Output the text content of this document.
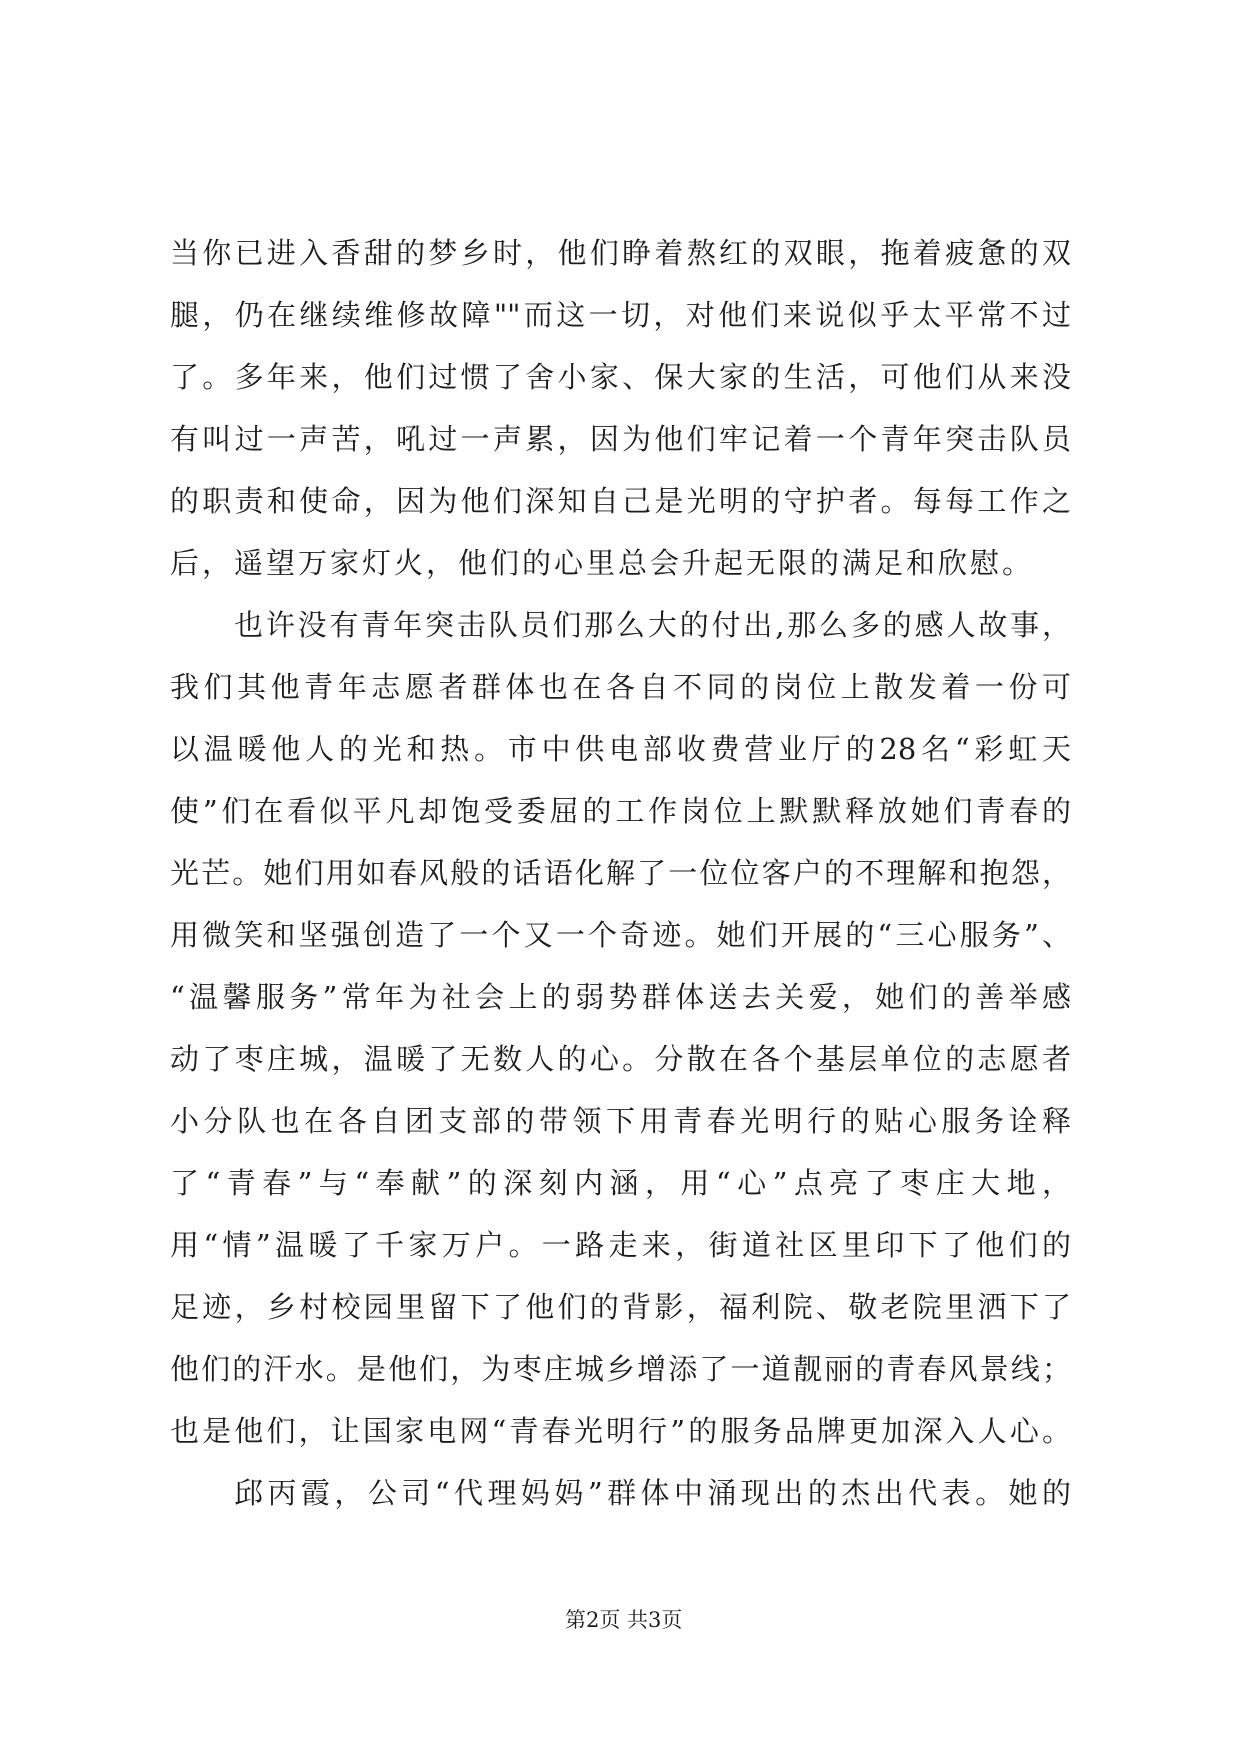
当你已进入香甜的梦乡时，他们睁着熬红的双眼，拖着疲惫的双
腿，仍在继续维修故障""而这一切，对他们来说似乎太平常不过
了。多年来，他们过惯了舍小家、保大家的生活，可他们从来没
有叫过一声苦，吼过一声累，因为他们牢记着一个青年突击队员
的职责和使命，因为他们深知自己是光明的守护者。每每工作之
后，遥望万家灯火，他们的心里总会升起无限的满足和欣慰。
也许没有青年突击队员们那么大的付出,那么多的感人故事，
我们其他青年志愿者群体也在各自不同的岗位上散发着一份可
以温暖他人的光和热。市中供电部收费营业厅的28名“彩虹天
使”们在看似平凡却饱受委屈的工作岗位上默默释放她们青春的
光芒。她们用如春风般的话语化解了一位位客户的不理解和抱怨，
用微笑和坚强创造了一个又一个奇迹。她们开展的“三心服务”、
“温馨服务”常年为社会上的弱势群体送去关爱，她们的善举感
动了枣庄城，温暖了无数人的心。分散在各个基层单位的志愿者
小分队也在各自团支部的带领下用青春光明行的贴心服务诠释
了“青春”与“奉献”的深刻内涵，用“心”点亮了枣庄大地，
用“情”温暖了千家万户。一路走来，街道社区里印下了他们的
足迹，乡村校园里留下了他们的背影，福利院、敬老院里洒下了
他们的汗水。是他们，为枣庄城乡增添了一道靓丽的青春风景线；
也是他们，让国家电网“青春光明行”的服务品牌更加深入人心。
邱丙霞，公司“代理妈妈”群体中涌现出的杰出代表。她的
第2页 共3页
